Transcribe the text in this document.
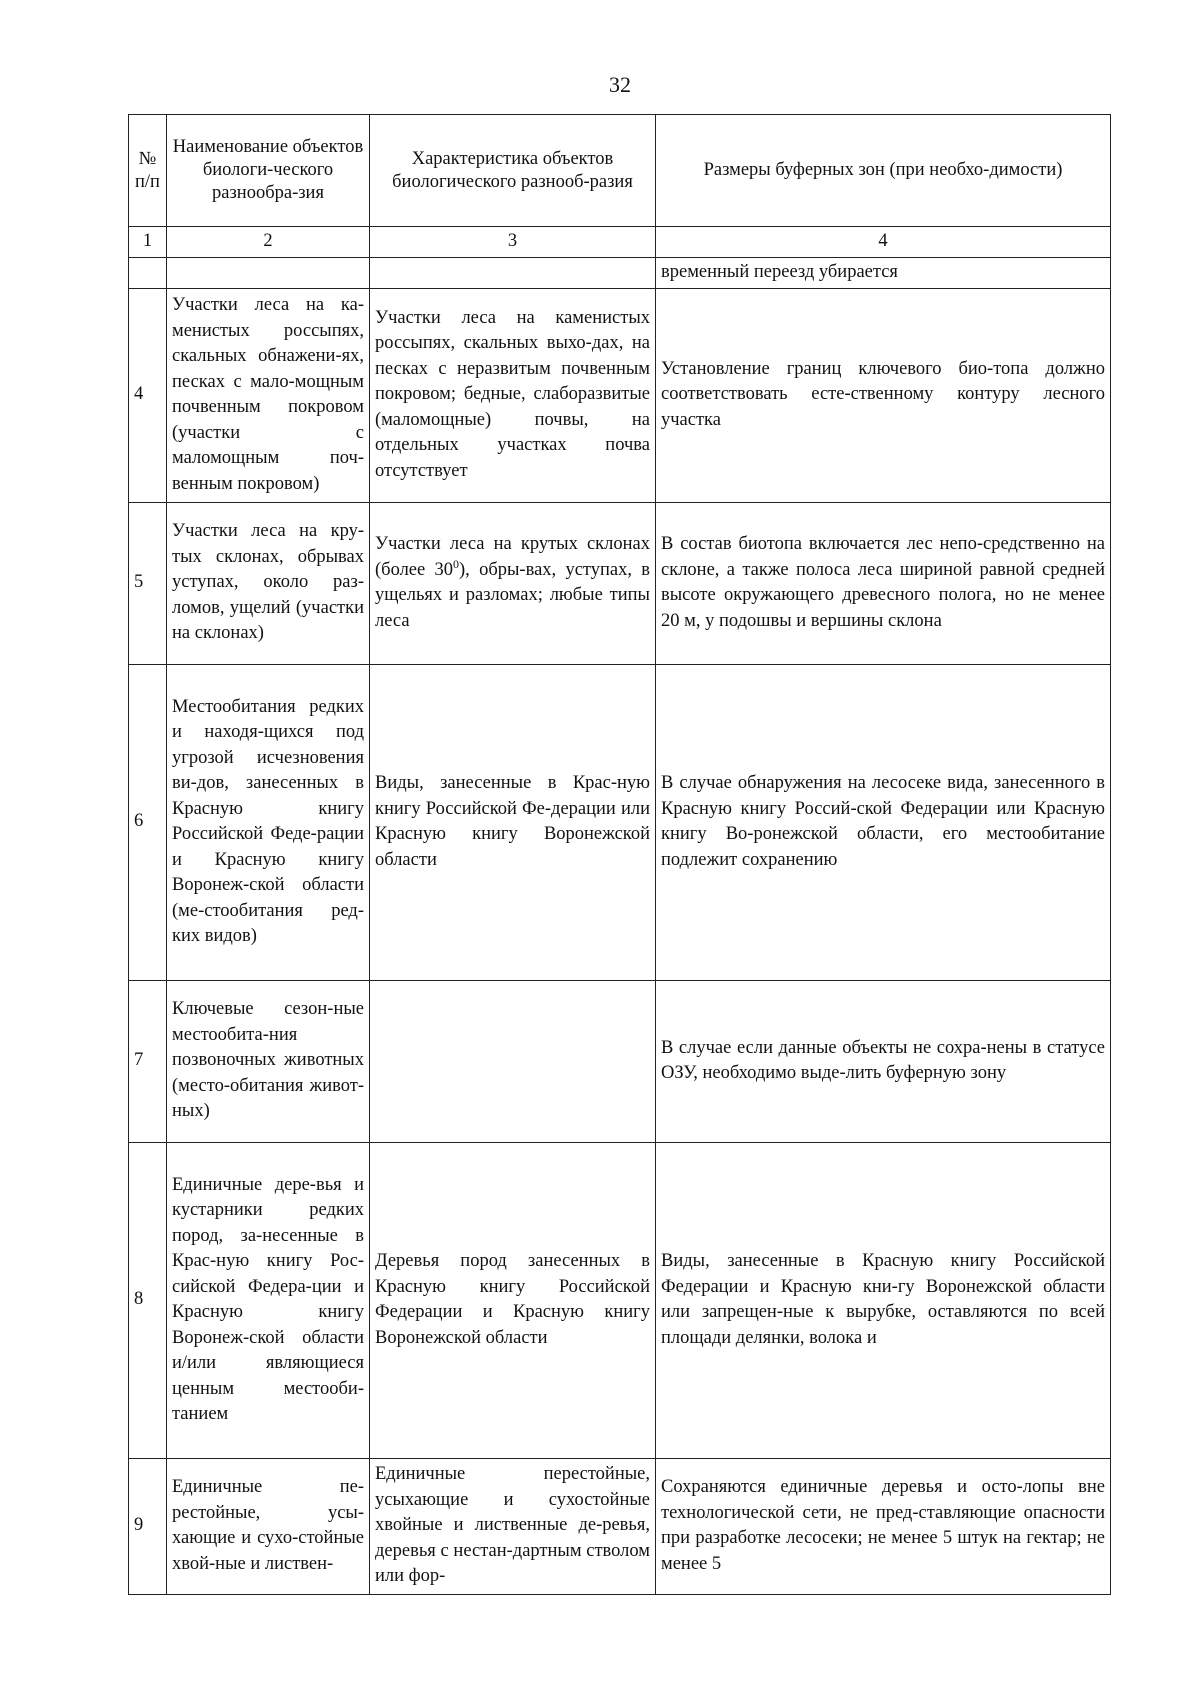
32
№ п/п	Наименование объектов биологи-ческого разнообра-зия	Характеристика объектов биологического разнооб-разия	Размеры буферных зон (при необхо-димости)
1	2	3	4
			временный переезд убирается
4	Участки леса на ка-менистых россыпях, скальных обнажени-ях, песках с мало-мощным почвенным покровом (участки с маломощным поч-венным покровом)	Участки леса на каменистых россыпях, скальных выхо-дах, на песках с неразвитым почвенным покровом; бедные, слаборазвитые (маломощные) почвы, на отдельных участках почва отсутствует	Установление границ ключевого био-топа должно соответствовать есте-ственному контуру лесного участка
5	Участки леса на кру-тых склонах, обрывах уступах, около раз-ломов, ущелий (участки на склонах)	Участки леса на крутых склонах (более $30^0$), обры-вах, уступах, в ущельях и разломах; любые типы леса	В состав биотопа включается лес непо-средственно на склоне, а также полоса леса шириной равной средней высоте окружающего древесного полога, но не менее 20 м, у подошвы и вершины склона
6	Местообитания редких и находя-щихся под угрозой исчезновения ви-дов, занесенных в Красную книгу Российской Феде-рации и Красную книгу Воронеж-ской области (ме-стообитания ред-ких видов)	Виды, занесенные в Крас-ную книгу Российской Фе-дерации или Красную книгу Воронежской области	В случае обнаружения на лесосеке вида, занесенного в Красную книгу Россий-ской Федерации или Красную книгу Во-ронежской области, его местообитание подлежит сохранению
7	Ключевые сезон-ные местообита-ния позвоночных животных (место-обитания живот-ных)		В случае если данные объекты не сохра-нены в статусе ОЗУ, необходимо выде-лить буферную зону
8	Единичные дере-вья и кустарники редких пород, за-несенные в Крас-ную книгу Рос-сийской Федера-ции и Красную книгу Воронеж-ской области и/или являющиеся ценным местооби-танием	Деревья пород занесенных в Красную книгу Российской Федерации и Красную книгу Воронежской области	Виды, занесенные в Красную книгу Российской Федерации и Красную кни-гу Воронежской области или запрещен-ные к вырубке, оставляются по всей площади делянки, волока и
9	Единичные пе-рестойные, усы-хающие и сухо-стойные хвой-ные и листвен-	Единичные перестойные, усыхающие и сухостойные хвойные и лиственные де-ревья, деревья с нестан-дартным стволом или фор-	Сохраняются единичные деревья и осто-лопы вне технологической сети, не пред-ставляющие опасности при разработке лесосеки; не менее 5 штук на гектар; не менее 5
